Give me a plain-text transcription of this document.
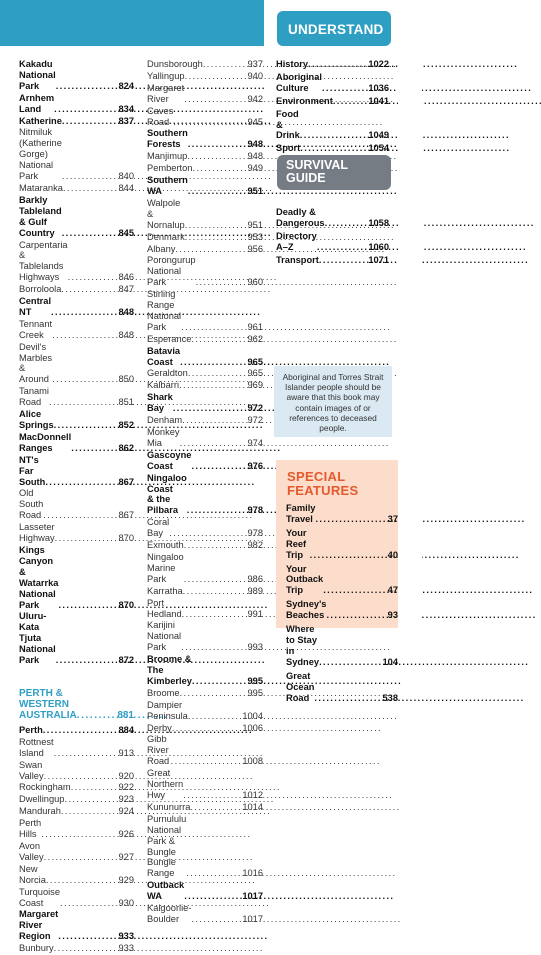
Kakadu
National Park . . .	824
Arnhem Land . . .	834
Katherine . . .	837
Nitmiluk
(Katherine Gorge)
National Park . . .	840
Mataranka . . .	844
Barkly Tableland
& Gulf Country . . .	845
Carpentaria &
Tablelands Highways . . .	846
Borroloola . . .	847
Central NT . . .	848
Tennant Creek . . .	848
Devil's Marbles
& Around . . .	850
Tanami Road . . .	851
Alice Springs . . .	852
MacDonnell Ranges . . .	862
NT's Far South . . .	867
Old South Road . . .	867
Lasseter Highway . . .	870
Kings Canyon
& Watarrka
National Park . . .	870
Uluru-Kata Tjuta
National Park . . .	872
PERTH &
WESTERN
AUSTRALIA . . .	881
Perth . . .	884
Rottnest Island . . .	913
Swan Valley . . .	920
Rockingham . . .	922
Dwellingup . . .	923
Mandurah . . .	924
Perth Hills . . .	926
Avon Valley . . .	927
New Norcia . . .	929
Turquoise Coast . . .	930
Margaret
River Region . . .	933
Bunbury . . .	933
Dunsborough . . .	937
Yallingup . . .	940
Margaret River . . .	942
Caves Road . . .	945
Southern Forests . . .	948
Manjimup . . .	948
Pemberton . . .	949
Southern WA . . .	951
Walpole & Nornalup . . .	951
Denmark . . .	953
Albany . . .	956
Porongurup
National Park . . .	960
Stirling Range
National Park . . .	961
Esperance . . .	962
Batavia Coast . . .	965
Geraldton . . .	965
Kalbarri . . .	969
Shark Bay . . .	972
Denham . . .	972
Monkey Mia . . .	974
Gascoyne Coast . . .	976
Ningaloo Coast
& the Pilbara . . .	978
Coral Bay . . .	978
Exmouth . . .	982
Ningaloo Marine Park . . .	986
Karratha . . .	989
Port Hedland . . .	991
Karijini National Park . . .	993
Broome &
The Kimberley . . .	995
Broome . . .	995
Dampier Peninsula . . .	1004
Derby . . .	1006
Gibb River Road . . .	1008
Great Northern Hwy . . .	1012
Kununurra . . .	1014
Purnululu National
Park & Bungle Bungle
Range . . .	1016
Outback WA . . .	1017
Kalgoorlie-Boulder . . .	1017
UNDERSTAND
History . . .	1022
Aboriginal
Culture . . .	1036
Environment . . .	1041
Food & Drink . . .	1049
Sport . . .	1054
SURVIVAL
GUIDE
Deadly &
Dangerous . . .	1058
Directory A–Z . . .	1060
Transport . . .	1071
Aboriginal and Torres Strait Islander people should be aware that this book may contain images of or references to deceased people.
SPECIAL
FEATURES
Family Travel . . .	37
Your Reef Trip . . .	40
Your Outback Trip . . .	47
Sydney's Beaches . . .	93
Where to Stay
in Sydney . . .	104
Great Ocean Road . . .	538
